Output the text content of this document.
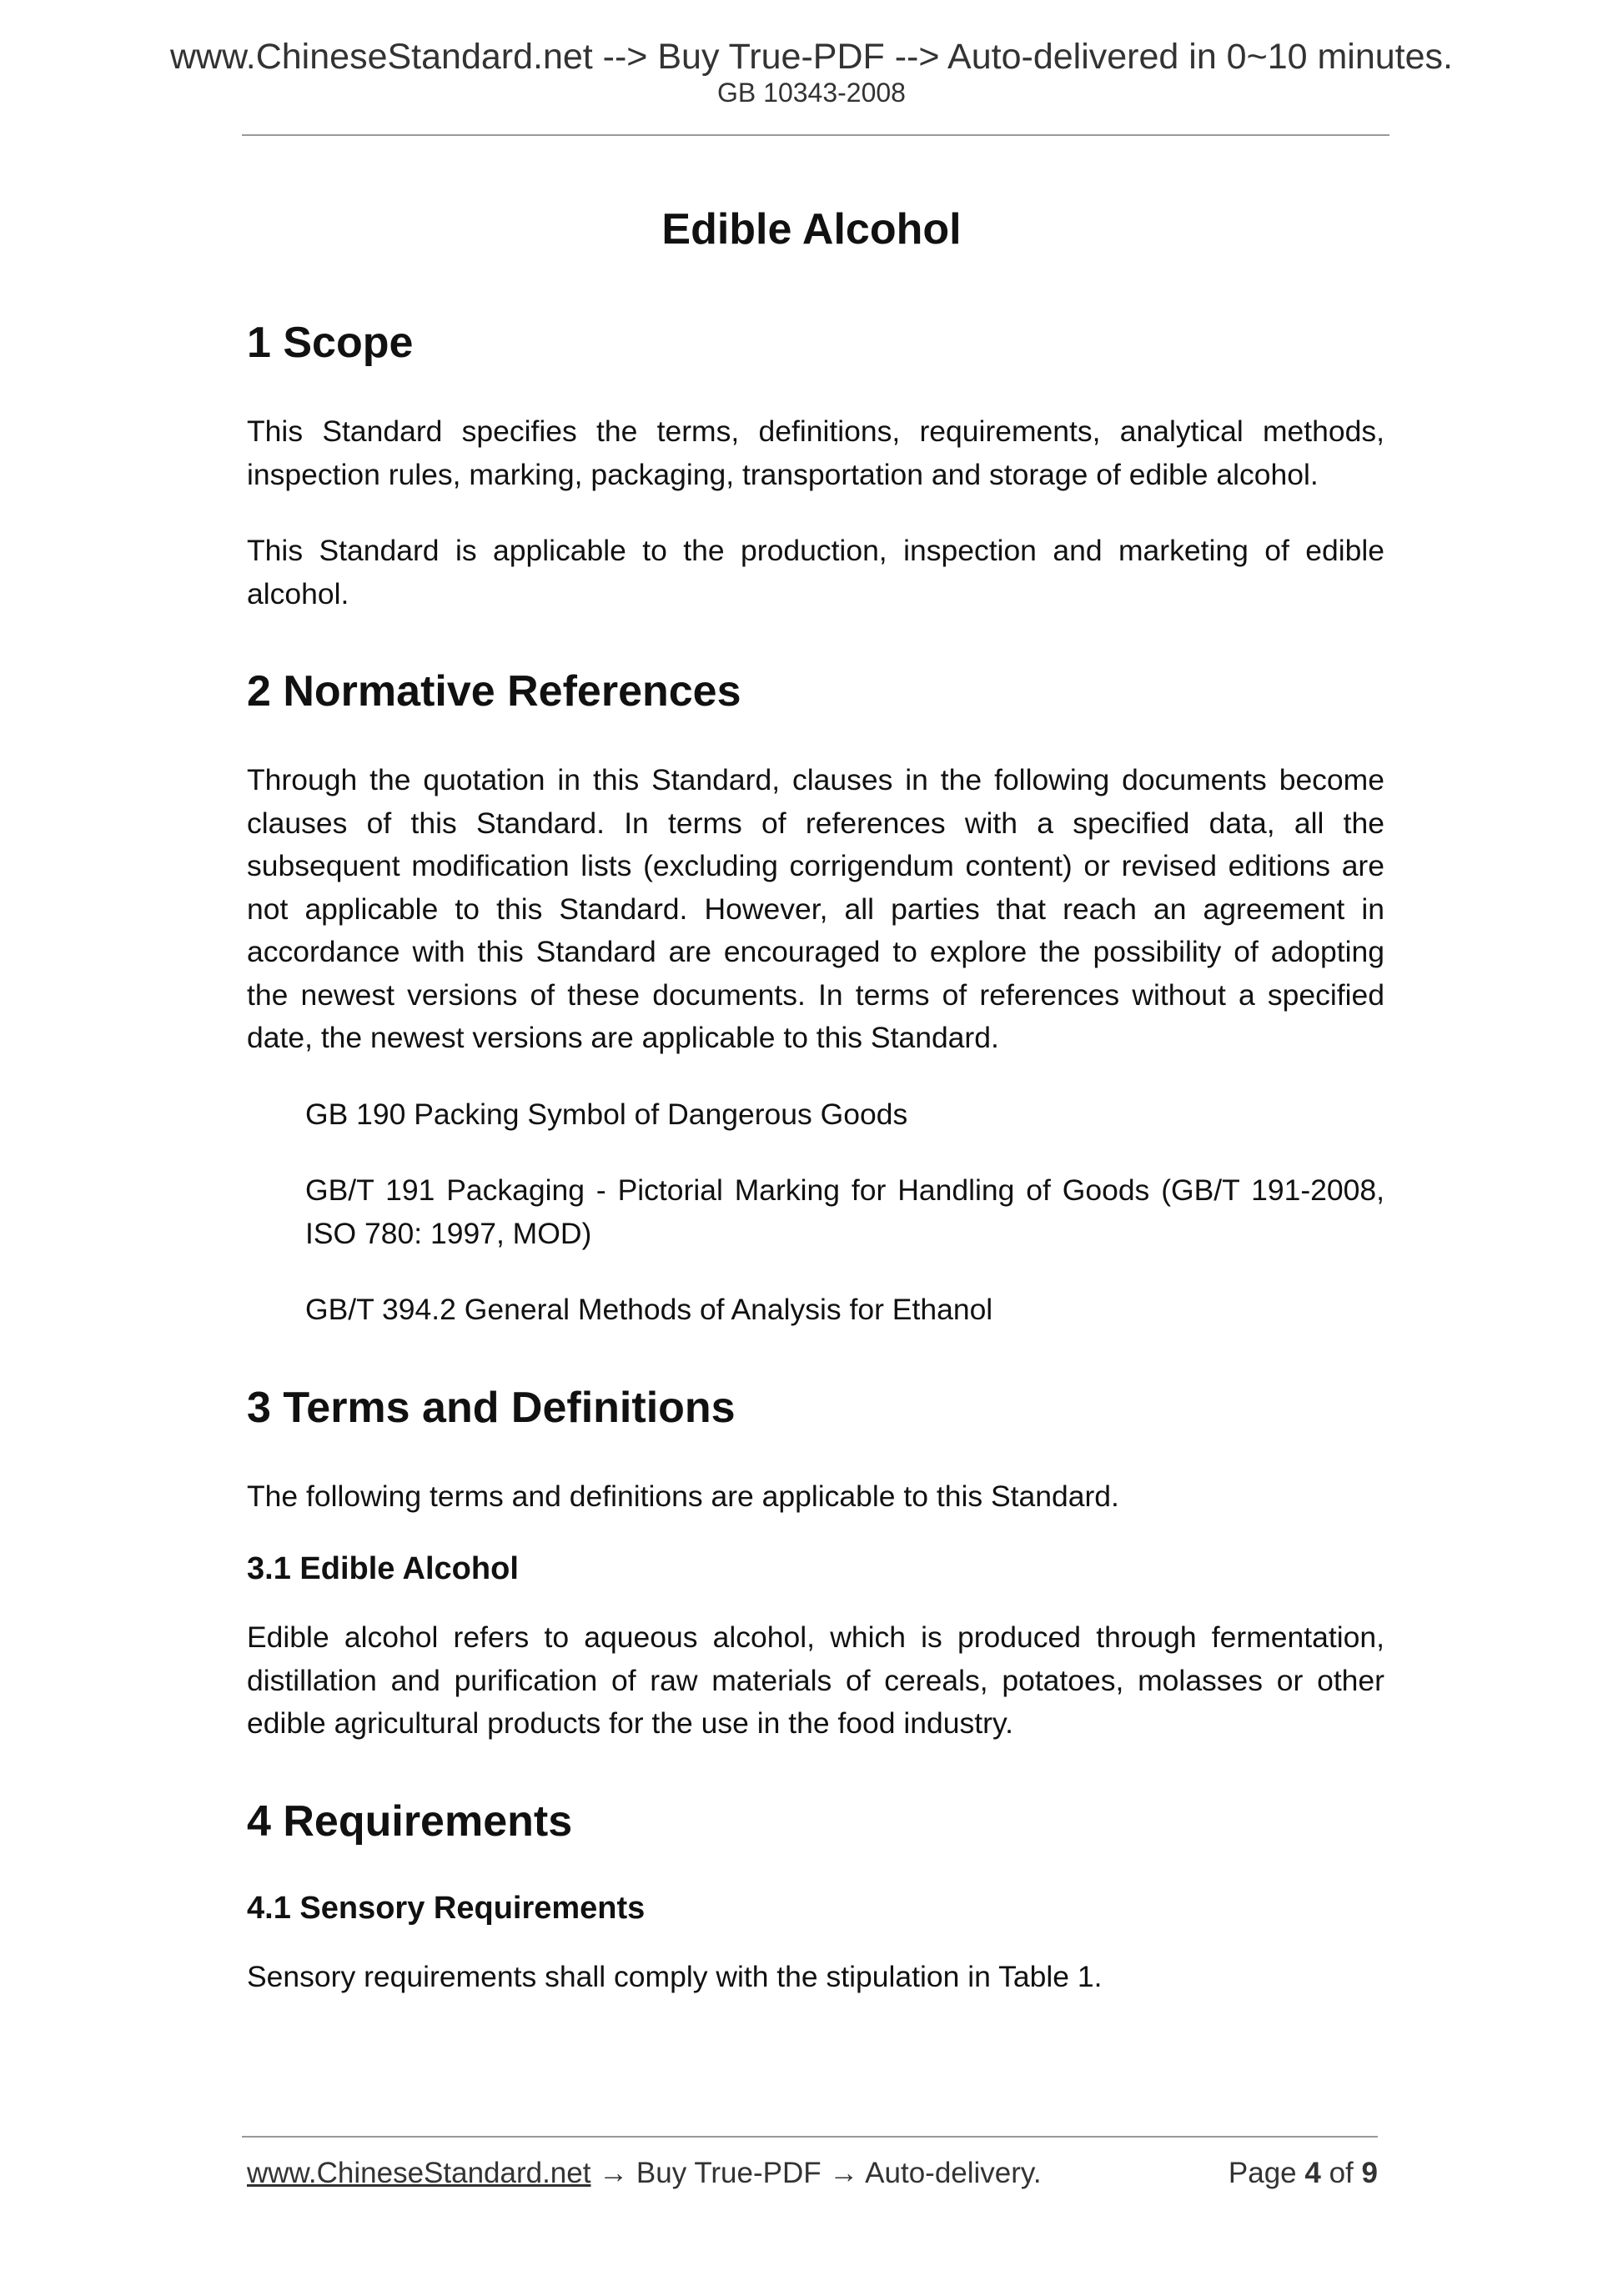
www.ChineseStandard.net --> Buy True-PDF --> Auto-delivered in 0~10 minutes.
GB 10343-2008
Edible Alcohol
1 Scope

This Standard specifies the terms, definitions, requirements, analytical methods, inspection rules, marking, packaging, transportation and storage of edible alcohol.

This Standard is applicable to the production, inspection and marketing of edible alcohol.

2 Normative References

Through the quotation in this Standard, clauses in the following documents become clauses of this Standard. In terms of references with a specified data, all the subsequent modification lists (excluding corrigendum content) or revised editions are not applicable to this Standard. However, all parties that reach an agreement in accordance with this Standard are encouraged to explore the possibility of adopting the newest versions of these documents. In terms of references without a specified date, the newest versions are applicable to this Standard.

GB 190 Packing Symbol of Dangerous Goods

GB/T 191 Packaging - Pictorial Marking for Handling of Goods (GB/T 191-2008, ISO 780: 1997, MOD)

GB/T 394.2 General Methods of Analysis for Ethanol

3 Terms and Definitions

The following terms and definitions are applicable to this Standard.

3.1 Edible Alcohol

Edible alcohol refers to aqueous alcohol, which is produced through fermentation, distillation and purification of raw materials of cereals, potatoes, molasses or other edible agricultural products for the use in the food industry.

4 Requirements
4.1 Sensory Requirements

Sensory requirements shall comply with the stipulation in Table 1.

www.ChineseStandard.net → Buy True-PDF → Auto-delivery.	Page 4 of 9
